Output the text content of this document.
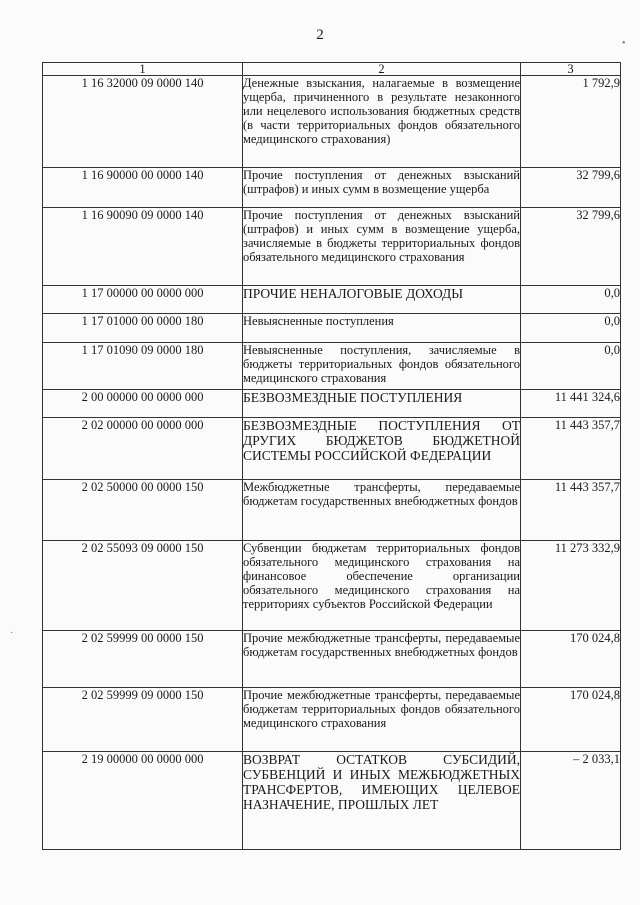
2
1	2	3
1 16 32000 09 0000 140	Денежные взыскания, налагаемые в возмещение ущерба, причиненного в результате незаконного или нецелевого использования бюджетных средств (в части территориальных фондов обязательного медицинского страхования)	1 792,9
1 16 90000 00 0000 140	Прочие поступления от денежных взысканий (штрафов) и иных сумм в возмещение ущерба	32 799,6
1 16 90090 09 0000 140	Прочие поступления от денежных взысканий (штрафов) и иных сумм в возмещение ущерба, зачисляемые в бюджеты территориальных фондов обязательного медицинского страхования	32 799,6
1 17 00000 00 0000 000	ПРОЧИЕ НЕНАЛОГОВЫЕ ДОХОДЫ	0,0
1 17 01000 00 0000 180	Невыясненные поступления	0,0
1 17 01090 09 0000 180	Невыясненные поступления, зачисляемые в бюджеты территориальных фондов обязательного медицинского страхования	0,0
2 00 00000 00 0000 000	БЕЗВОЗМЕЗДНЫЕ ПОСТУПЛЕНИЯ	11 441 324,6
2 02 00000 00 0000 000	БЕЗВОЗМЕЗДНЫЕ ПОСТУПЛЕНИЯ ОТ ДРУГИХ БЮДЖЕТОВ БЮДЖЕТНОЙ СИСТЕМЫ РОССИЙСКОЙ ФЕДЕРАЦИИ	11 443 357,7
2 02 50000 00 0000 150	Межбюджетные трансферты, передаваемые бюджетам государственных внебюджетных фондов	11 443 357,7
2 02 55093 09 0000 150	Субвенции бюджетам территориальных фондов обязательного медицинского страхования на финансовое обеспечение организации обязательного медицинского страхования на территориях субъектов Российской Федерации	11 273 332,9
2 02 59999 00 0000 150	Прочие межбюджетные трансферты, передаваемые бюджетам государственных внебюджетных фондов	170 024,8
2 02 59999 09 0000 150	Прочие межбюджетные трансферты, передаваемые бюджетам территориальных фондов обязательного медицинского страхования	170 024,8
2 19 00000 00 0000 000	ВОЗВРАТ ОСТАТКОВ СУБСИДИЙ, СУБВЕНЦИЙ И ИНЫХ МЕЖБЮДЖЕТНЫХ ТРАНСФЕРТОВ, ИМЕЮЩИХ ЦЕЛЕВОЕ НАЗНАЧЕНИЕ, ПРОШЛЫХ ЛЕТ	– 2 033,1
•
·
